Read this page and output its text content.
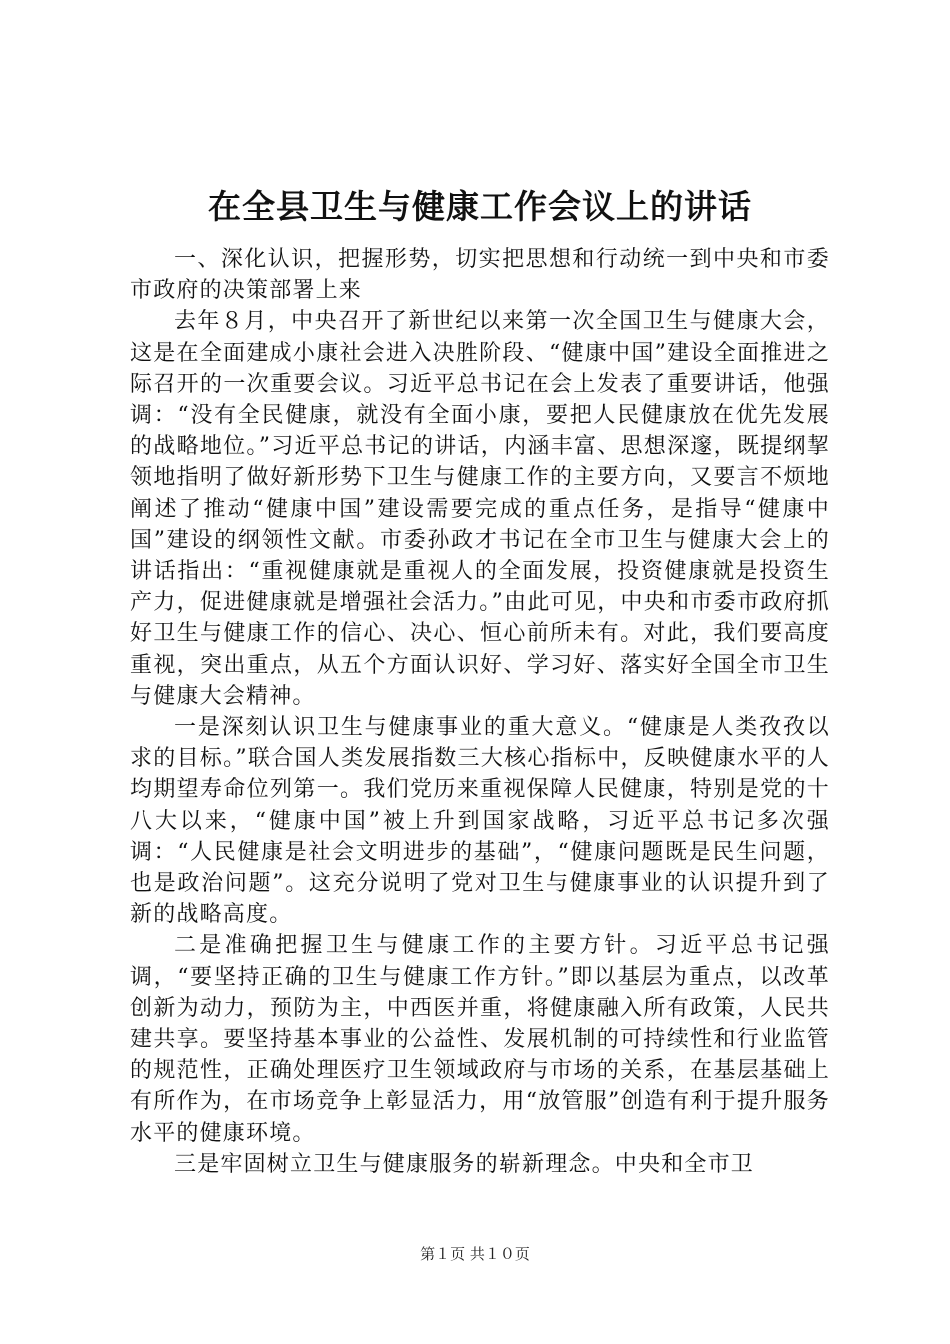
在全县卫生与健康工作会议上的讲话

一、深化认识，把握形势，切实把思想和行动统一到中央和市委市政府的决策部署上来

去年８月，中央召开了新世纪以来第一次全国卫生与健康大会，这是在全面建成小康社会进入决胜阶段、“健康中国”建设全面推进之际召开的一次重要会议。习近平总书记在会上发表了重要讲话，他强调：“没有全民健康，就没有全面小康，要把人民健康放在优先发展的战略地位。”习近平总书记的讲话，内涵丰富、思想深邃，既提纲挈领地指明了做好新形势下卫生与健康工作的主要方向，又要言不烦地阐述了推动“健康中国”建设需要完成的重点任务，是指导“健康中国”建设的纲领性文献。市委孙政才书记在全市卫生与健康大会上的讲话指出：“重视健康就是重视人的全面发展，投资健康就是投资生产力，促进健康就是增强社会活力。”由此可见，中央和市委市政府抓好卫生与健康工作的信心、决心、恒心前所未有。对此，我们要高度重视，突出重点，从五个方面认识好、学习好、落实好全国全市卫生与健康大会精神。

一是深刻认识卫生与健康事业的重大意义。“健康是人类孜孜以求的目标。”联合国人类发展指数三大核心指标中，反映健康水平的人均期望寿命位列第一。我们党历来重视保障人民健康，特别是党的十八大以来，“健康中国”被上升到国家战略，习近平总书记多次强调：“人民健康是社会文明进步的基础”，“健康问题既是民生问题，也是政治问题”。这充分说明了党对卫生与健康事业的认识提升到了新的战略高度。

二是准确把握卫生与健康工作的主要方针。习近平总书记强调，“要坚持正确的卫生与健康工作方针。”即以基层为重点，以改革创新为动力，预防为主，中西医并重，将健康融入所有政策，人民共建共享。要坚持基本事业的公益性、发展机制的可持续性和行业监管的规范性，正确处理医疗卫生领域政府与市场的关系，在基层基础上有所作为，在市场竞争上彰显活力，用“放管服”创造有利于提升服务水平的健康环境。

三是牢固树立卫生与健康服务的崭新理念。中央和全市卫

第１页 共１０页
